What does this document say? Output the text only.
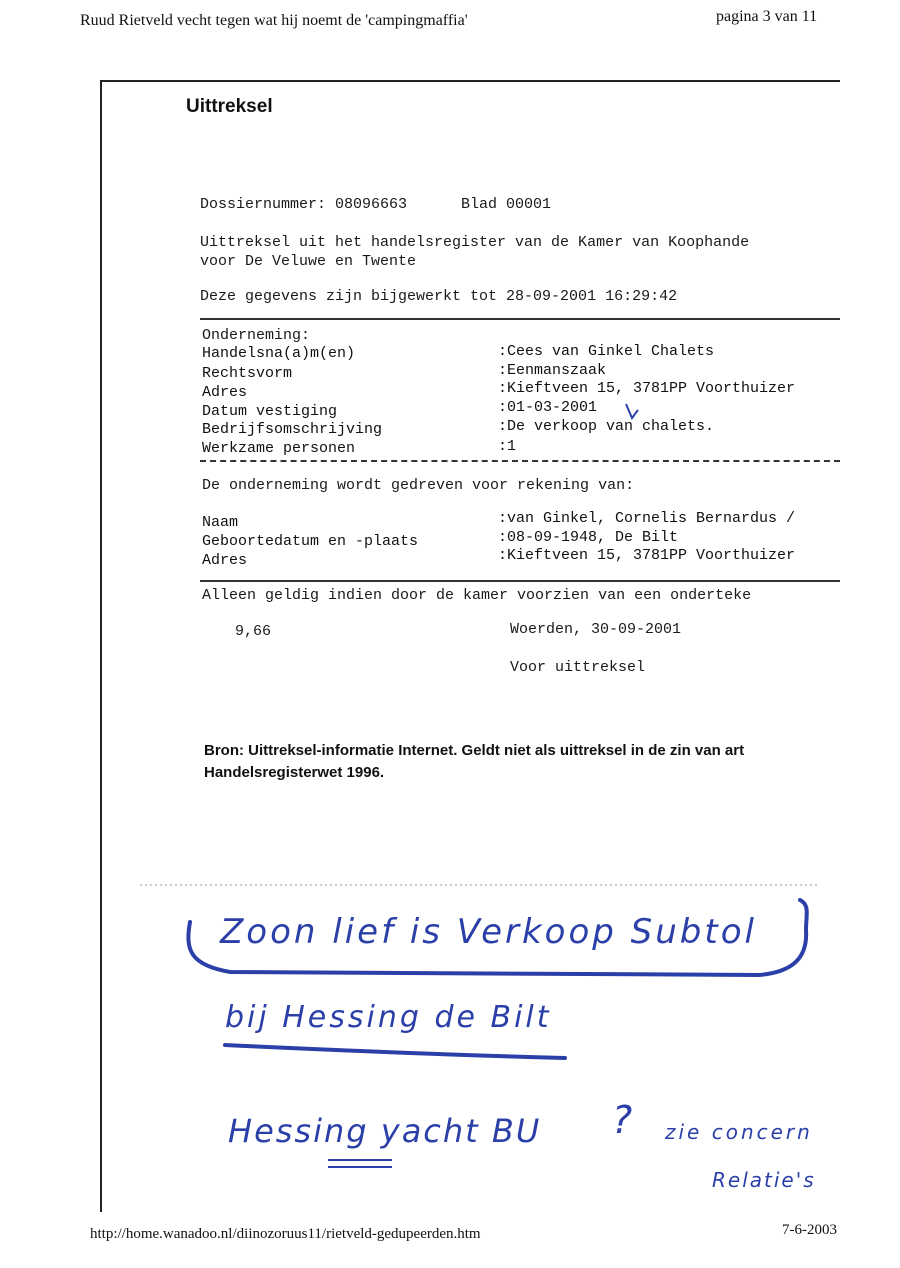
Ruud Rietveld vecht tegen wat hij noemt de 'campingmaffia'	pagina 3 van 11
Uittreksel
Dossiernummer: 08096663      Blad 00001
Uittreksel uit het handelsregister van de Kamer van Koophande
voor De Veluwe en Twente
Deze gegevens zijn bijgewerkt tot 28-09-2001 16:29:42
Onderneming:
Handelsna(a)m(en)	:Cees van Ginkel Chalets
Rechtsvorm	:Eenmanszaak
Adres	:Kieftveen 15, 3781PP Voorthuizer
Datum vestiging	:01-03-2001
Bedrijfsomschrijving	:De verkoop van chalets.
Werkzame personen	:1
De onderneming wordt gedreven voor rekening van:
Naam	:van Ginkel, Cornelis Bernardus /
Geboortedatum en -plaats	:08-09-1948, De Bilt
Adres	:Kieftveen 15, 3781PP Voorthuizer
Alleen geldig indien door de kamer voorzien van een onderteke
9,66	Woerden, 30-09-2001
Voor uittreksel
Bron: Uittreksel-informatie Internet. Geldt niet als uittreksel in de zin van art Handelsregisterwet 1996.
Zoon lief is Verkoop Subtol
bij Hessing de Bilt
Hessing yacht BU ? zie concern
Relatie's
http://home.wanadoo.nl/diinozoruus11/rietveld-gedupeerden.htm	7-6-2003
